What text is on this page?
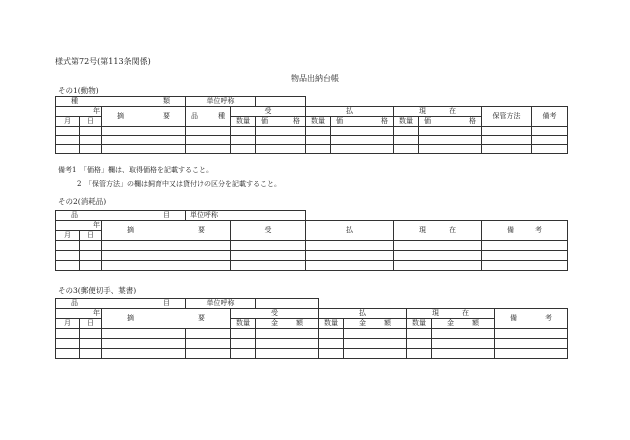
様式第72号(第113条関係)
物品出納台帳
その1(動物)
種 類			単位呼称								
年		摘 要	品 種	受		払		現 在		保管方法	備考
月	日			数量	価 格	数量	価 格	数量	価 格		

備考1　「価格」欄は、取得価格を記載すること。
2　「保管方法」の欄は飼育中又は貸付けの区分を記載すること。
その2(消耗品)
品 目			単位呼称				
年		摘 要		受	払	現 在	備 考

月	日						

その3(郵便切手、葉書)
品 目			単位呼称							
年		摘 要		受		払		現 在		備 考

月	日			数量	金 額	数量	金 額	数量	金 額	
